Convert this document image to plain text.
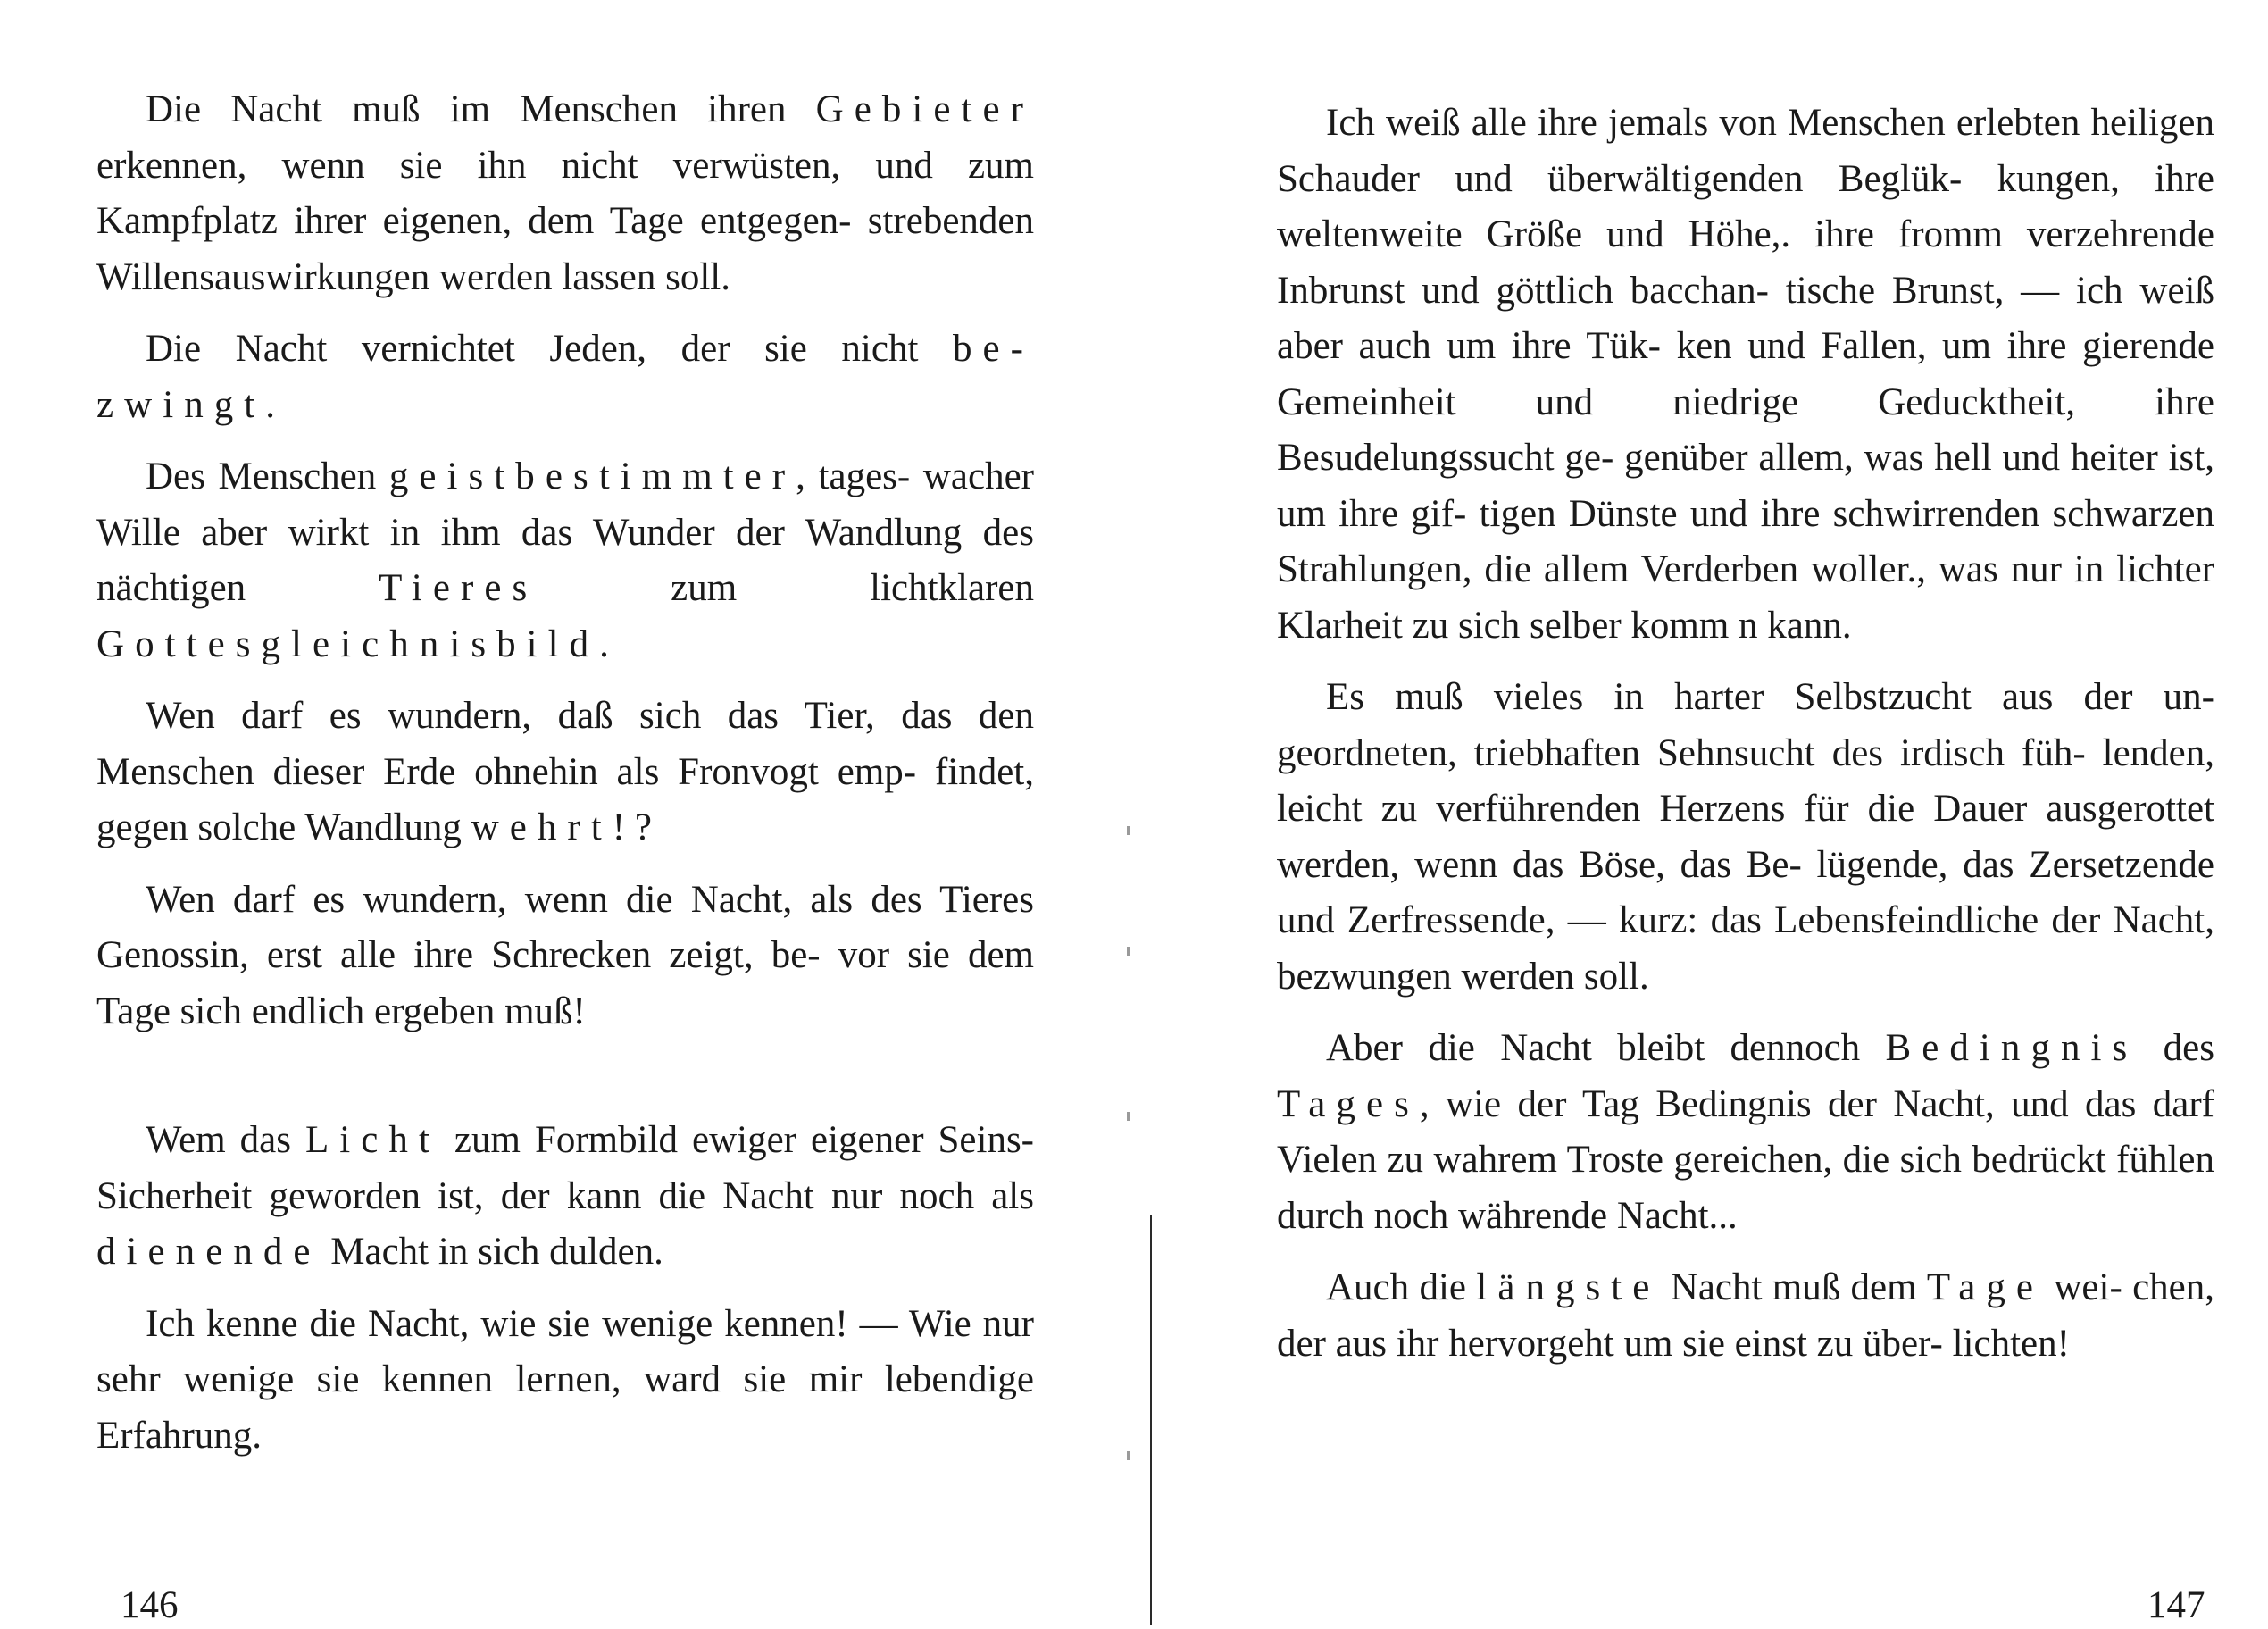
Die Nacht muß im Menschen ihren Gebieter erkennen, wenn sie ihn nicht verwüsten, und zum Kampfplatz ihrer eigenen, dem Tage entgegen- strebenden Willensauswirkungen werden lassen soll.

Die Nacht vernichtet Jeden, der sie nicht be- zwingt.

Des Menschen geistbestimmter, tages- wacher Wille aber wirkt in ihm das Wunder der Wandlung des nächtigen Tieres zum lichtklaren Gottesgleichnisbild.

Wen darf es wundern, daß sich das Tier, das den Menschen dieser Erde ohnehin als Fronvogt emp- findet, gegen solche Wandlung wehrt! ?

Wen darf es wundern, wenn die Nacht, als des Tieres Genossin, erst alle ihre Schrecken zeigt, be- vor sie dem Tage sich endlich ergeben muß!

Wem das Licht zum Formbild ewiger eigener Seins-Sicherheit geworden ist, der kann die Nacht nur noch als dienende Macht in sich dulden.

Ich kenne die Nacht, wie sie wenige kennen! — Wie nur sehr wenige sie kennen lernen, ward sie mir lebendige Erfahrung.

146

Ich weiß alle ihre jemals von Menschen erlebten heiligen Schauder und überwältigenden Beglük- kungen, ihre weltenweite Größe und Höhe,. ihre fromm verzehrende Inbrunst und göttlich bacchan- tische Brunst, — ich weiß aber auch um ihre Tük- ken und Fallen, um ihre gierende Gemeinheit und niedrige Geducktheit, ihre Besudelungssucht ge- genüber allem, was hell und heiter ist, um ihre gif- tigen Dünste und ihre schwirrenden schwarzen Strahlungen, die allem Verderben woller., was nur in lichter Klarheit zu sich selber komm n kann.

Es muß vieles in harter Selbstzucht aus der un- geordneten, triebhaften Sehnsucht des irdisch füh- lenden, leicht zu verführenden Herzens für die Dauer ausgerottet werden, wenn das Böse, das Be- lügende, das Zersetzende und Zerfressende, — kurz: das Lebensfeindliche der Nacht, bezwungen werden soll.

Aber die Nacht bleibt dennoch Bedingnis des Tages, wie der Tag Bedingnis der Nacht, und das darf Vielen zu wahrem Troste gereichen, die sich bedrückt fühlen durch noch währende Nacht...

Auch die längste Nacht muß dem Tage wei- chen, der aus ihr hervorgeht um sie einst zu über- lichten!

147
